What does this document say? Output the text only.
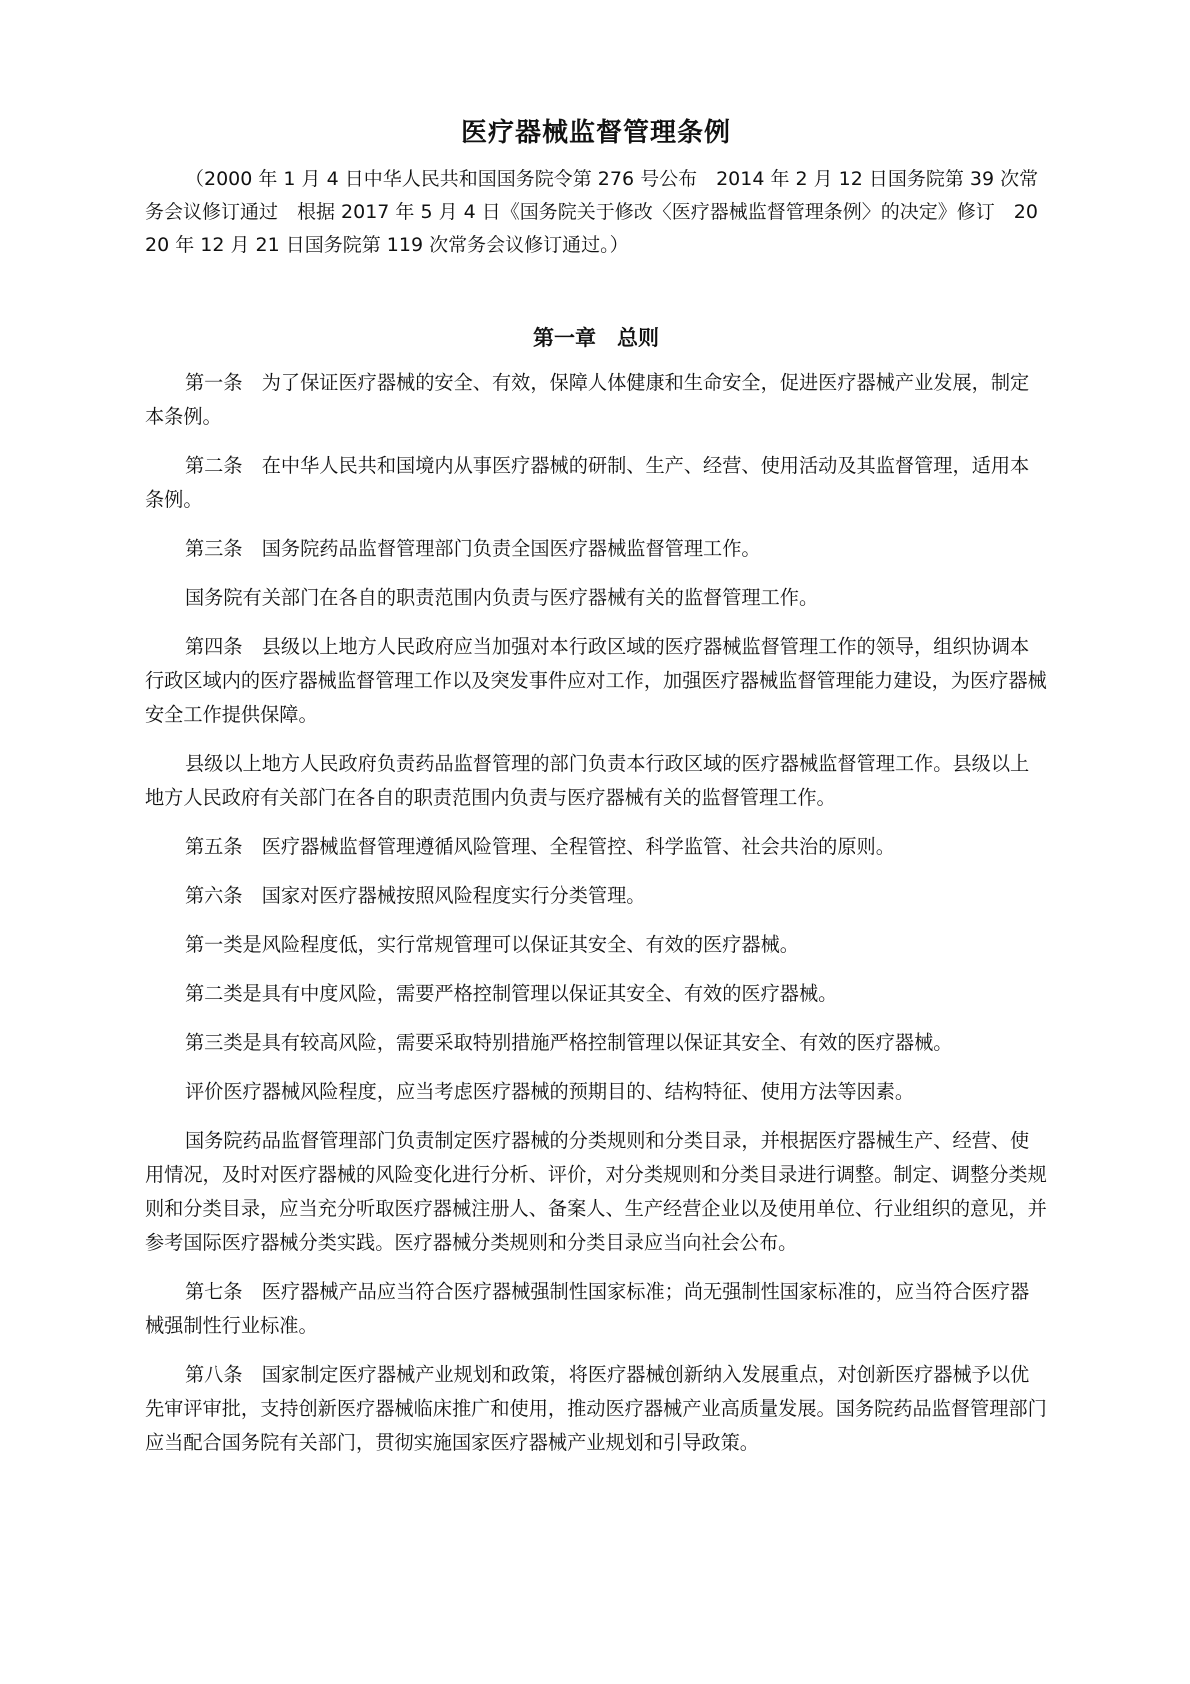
医疗器械监督管理条例

（2000 年 1 月 4 日中华人民共和国国务院令第 276 号公布　2014 年 2 月 12 日国务院第 39 次常务会议修订通过　根据 2017 年 5 月 4 日《国务院关于修改〈医疗器械监督管理条例〉的决定》修订　2020 年 12 月 21 日国务院第 119 次常务会议修订通过。）

第一章　总则

第一条　为了保证医疗器械的安全、有效，保障人体健康和生命安全，促进医疗器械产业发展，制定本条例。

第二条　在中华人民共和国境内从事医疗器械的研制、生产、经营、使用活动及其监督管理，适用本条例。

第三条　国务院药品监督管理部门负责全国医疗器械监督管理工作。

国务院有关部门在各自的职责范围内负责与医疗器械有关的监督管理工作。

第四条　县级以上地方人民政府应当加强对本行政区域的医疗器械监督管理工作的领导，组织协调本行政区域内的医疗器械监督管理工作以及突发事件应对工作，加强医疗器械监督管理能力建设，为医疗器械安全工作提供保障。

县级以上地方人民政府负责药品监督管理的部门负责本行政区域的医疗器械监督管理工作。县级以上地方人民政府有关部门在各自的职责范围内负责与医疗器械有关的监督管理工作。

第五条　医疗器械监督管理遵循风险管理、全程管控、科学监管、社会共治的原则。

第六条　国家对医疗器械按照风险程度实行分类管理。

第一类是风险程度低，实行常规管理可以保证其安全、有效的医疗器械。

第二类是具有中度风险，需要严格控制管理以保证其安全、有效的医疗器械。

第三类是具有较高风险，需要采取特别措施严格控制管理以保证其安全、有效的医疗器械。

评价医疗器械风险程度，应当考虑医疗器械的预期目的、结构特征、使用方法等因素。

国务院药品监督管理部门负责制定医疗器械的分类规则和分类目录，并根据医疗器械生产、经营、使用情况，及时对医疗器械的风险变化进行分析、评价，对分类规则和分类目录进行调整。制定、调整分类规则和分类目录，应当充分听取医疗器械注册人、备案人、生产经营企业以及使用单位、行业组织的意见，并参考国际医疗器械分类实践。医疗器械分类规则和分类目录应当向社会公布。

第七条　医疗器械产品应当符合医疗器械强制性国家标准；尚无强制性国家标准的，应当符合医疗器械强制性行业标准。

第八条　国家制定医疗器械产业规划和政策，将医疗器械创新纳入发展重点，对创新医疗器械予以优先审评审批，支持创新医疗器械临床推广和使用，推动医疗器械产业高质量发展。国务院药品监督管理部门应当配合国务院有关部门，贯彻实施国家医疗器械产业规划和引导政策。
